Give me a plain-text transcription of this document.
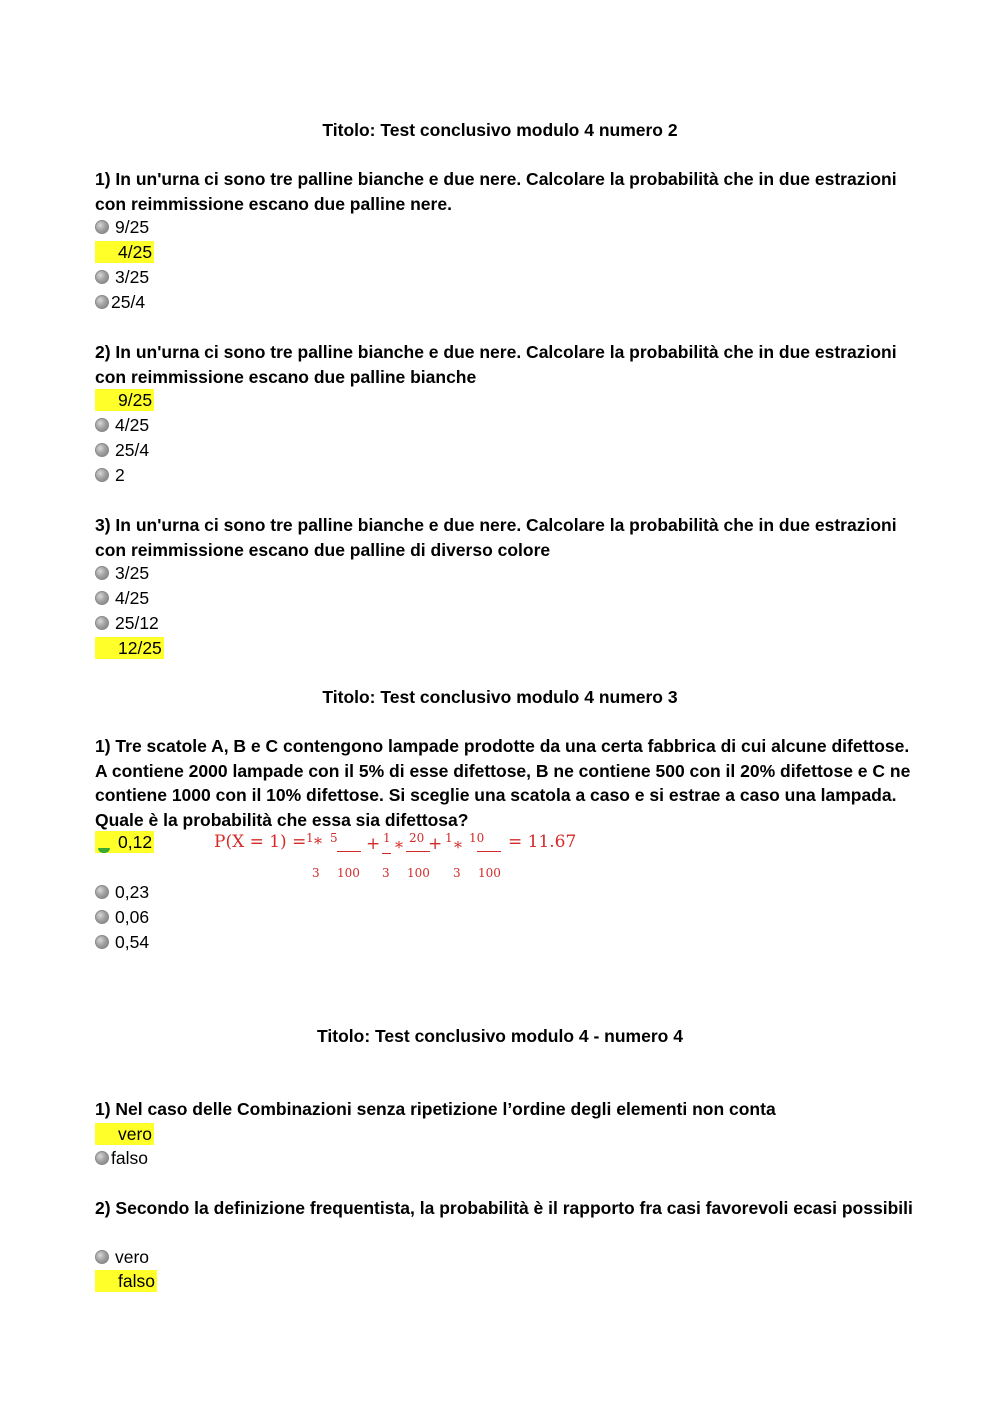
Titolo: Test conclusivo modulo 4 numero 2
1) In un'urna ci sono tre palline bianche e due nere. Calcolare la probabilità che in due estrazioni con reimmissione escano due palline nere.
9/25
4/25
3/25
25/4
2) In un'urna ci sono tre palline bianche e due nere. Calcolare la probabilità che in due estrazioni con reimmissione escano due palline bianche
9/25
4/25
25/4
2
3) In un'urna ci sono tre palline bianche e due nere. Calcolare la probabilità che in due estrazioni con reimmissione escano due palline di diverso colore
3/25
4/25
25/12
12/25
Titolo: Test conclusivo modulo 4 numero 3
1) Tre scatole A, B e C contengono lampade prodotte da una certa fabbrica di cui alcune difettose. A contiene 2000 lampade con il 5% di esse difettose, B ne contiene 500 con il 20% difettose e C ne contiene 1000 con il 10% difettose. Si sceglie una scatola a caso e si estrae a caso una lampada. Quale è la probabilità che essa sia difettosa?
0,12	P(X = 1) = 1 * 5 + 1 * 20 + 1 * 10 = 11.67
3 100 3 100 3 100
0,23
0,06
0,54
Titolo: Test conclusivo modulo 4 - numero 4
1) Nel caso delle Combinazioni senza ripetizione l’ordine degli elementi non conta
vero
falso
2) Secondo la definizione frequentista, la probabilità è il rapporto fra casi favorevoli ecasi possibili
vero
falso
